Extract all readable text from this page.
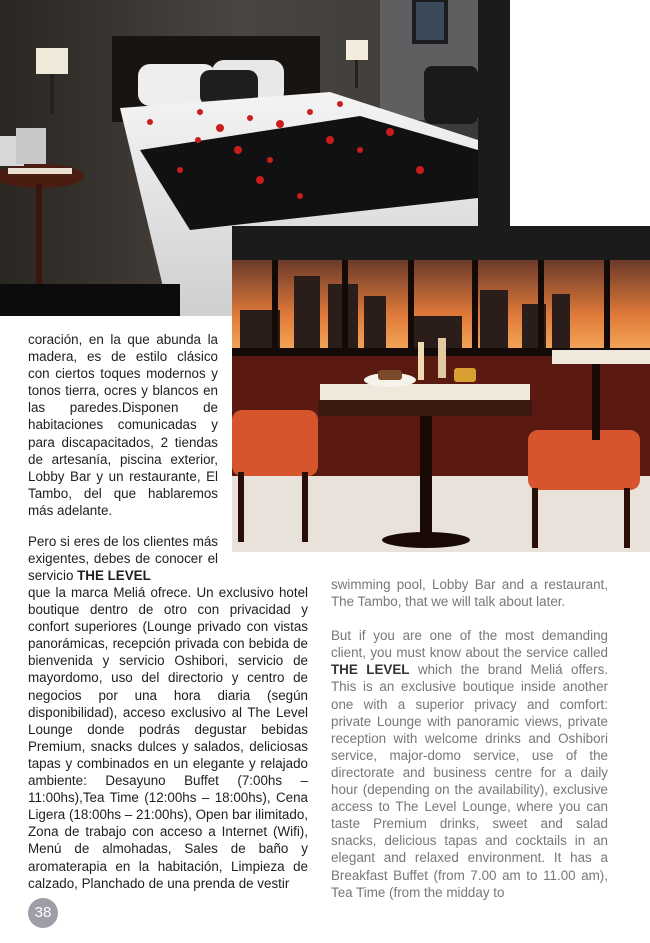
coración, en la que abunda la madera, es de estilo clásico con ciertos toques modernos y tonos tierra, ocres y blancos en las paredes.Disponen de habitaciones comunicadas y para discapacitados, 2 tiendas de artesanía, piscina exterior, Lobby Bar y un restaurante, El Tambo, del que hablaremos más adelante.

Pero si eres de los clientes más exigentes, debes de conocer el servicio THE LEVEL

que la marca Meliá ofrece. Un exclusivo hotel boutique dentro de otro con privacidad y confort superiores (Lounge privado con vistas panorámicas, recepción privada con bebida de bienvenida y servicio Oshibori, servicio de mayordomo, uso del directorio y centro de negocios por una hora diaria (según disponibilidad), acceso exclusivo al The Level Lounge donde podrás degustar bebidas Premium, snacks dulces y salados, deliciosas tapas y combinados en un elegante y relajado ambiente: Desayuno Buffet (7:00hs – 11:00hs),Tea Time (12:00hs – 18:00hs), Cena Ligera (18:00hs – 21:00hs), Open bar ilimitado, Zona de trabajo con acceso a Internet (Wifi), Menú de almohadas, Sales de baño y aromaterapia en la habitación, Limpieza de calzado, Planchado de una prenda de vestir

swimming pool, Lobby Bar and a restaurant, The Tambo, that we will talk about later.

But if you are one of the most demanding client, you must know about the service called THE LEVEL which the brand Meliá offers. This is an exclusive boutique inside another one with a superior privacy and comfort: private Lounge with panoramic views, private reception with welcome drinks and Oshibori service, major-domo service, use of the directorate and business centre for a daily hour (depending on the availability), exclusive access to The Level Lounge, where you can taste Premium drinks, sweet and salad snacks, delicious tapas and cocktails in an elegant and relaxed environment. It has a Breakfast Buffet (from 7.00 am to 11.00 am), Tea Time (from the midday to

38
